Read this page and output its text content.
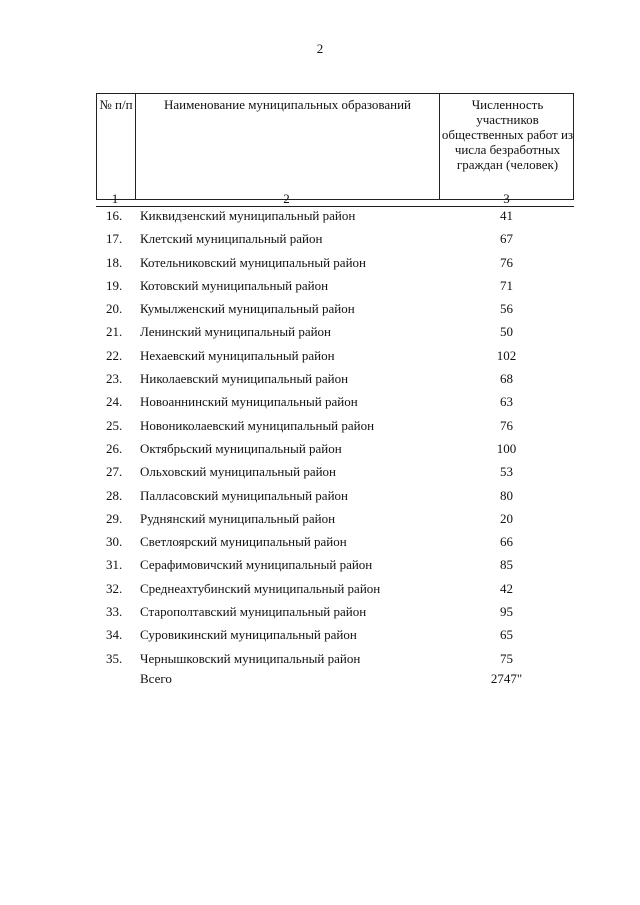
2
№ п/п	Наименование муниципальных образований	Численность участников общественных работ из числа безработных граждан (человек)
1	2	3
16. Киквидзенский муниципальный район	41
17. Клетский муниципальный район	67
18. Котельниковский муниципальный район	76
19. Котовский муниципальный район	71
20. Кумылженский муниципальный район	56
21. Ленинский муниципальный район	50
22. Нехаевский муниципальный район	102
23. Николаевский муниципальный район	68
24. Новоаннинский муниципальный район	63
25. Новониколаевский муниципальный район	76
26. Октябрьский муниципальный район	100
27. Ольховский муниципальный район	53
28. Палласовский муниципальный район	80
29. Руднянский муниципальный район	20
30. Светлоярский муниципальный район	66
31. Серафимовичский муниципальный район	85
32. Среднеахтубинский муниципальный район	42
33. Старополтавский муниципальный район	95
34. Суровикинский муниципальный район	65
35. Чернышковский муниципальный район	75
Всего	2747"
